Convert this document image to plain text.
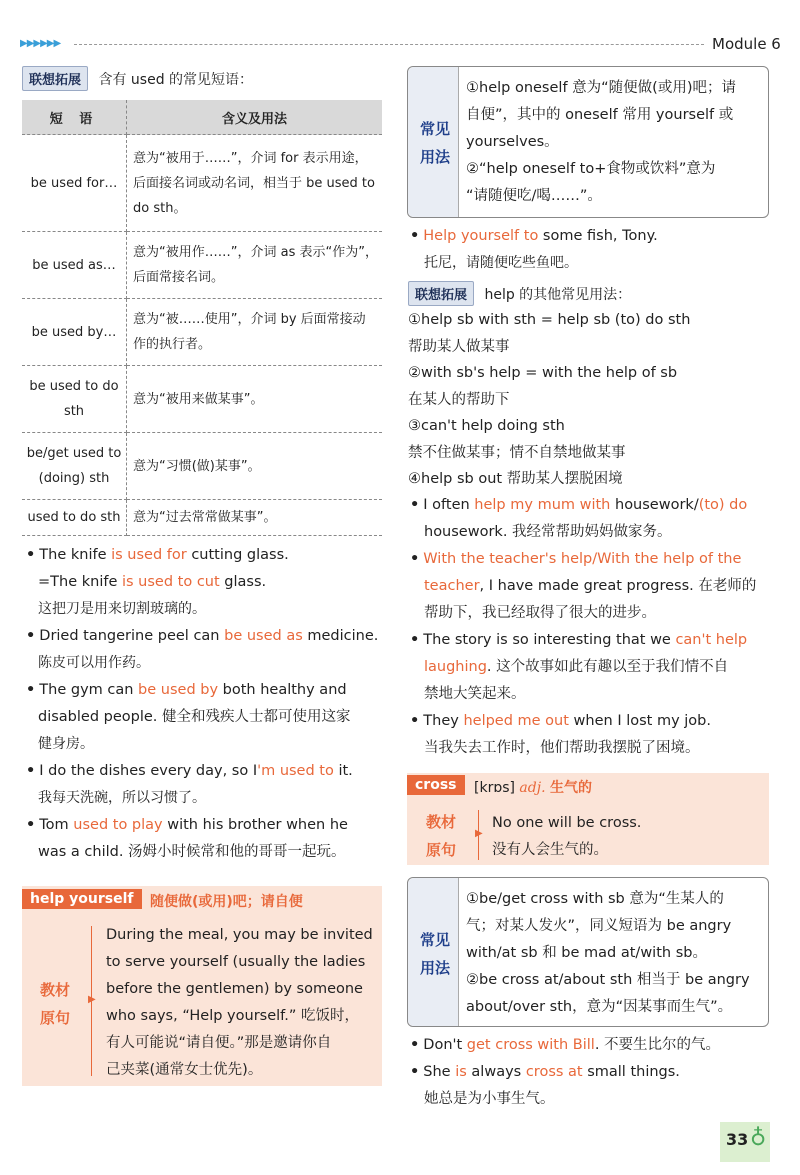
▶▶▶▶▶▶	Module 6
联想拓展 含有 used 的常见短语：
短 语	含义及用法
be used for…	意为“被用于……”，介词 for 表示用途，后面接名词或动名词，相当于 be used to do sth。
be used as…	意为“被用作……”，介词 as 表示“作为”，后面常接名词。
be used by…	意为“被……使用”，介词 by 后面常接动作的执行者。
be used to do sth	意为“被用来做某事”。
be/get used to (doing) sth	意为“习惯(做)某事”。
used to do sth	意为“过去常常做某事”。
• The knife is used for cutting glass.
=The knife is used to cut glass.
这把刀是用来切割玻璃的。
• Dried tangerine peel can be used as medicine.
陈皮可以用作药。
• The gym can be used by both healthy and
disabled people. 健全和残疾人士都可使用这家
健身房。
• I do the dishes every day, so I'm used to it.
我每天洗碗，所以习惯了。
• Tom used to play with his brother when he
was a child. 汤姆小时候常和他的哥哥一起玩。
help yourself	随便做(或用)吧；请自便
教材
原句
▶
During the meal, you may be invited
to serve yourself (usually the ladies
before the gentlemen) by someone
who says, “Help yourself.” 吃饭时，
有人可能说“请自便。”那是邀请你自
己夹菜(通常女士优先)。
常见
用法
①help oneself 意为“随便做(或用)吧；请
自便”，其中的 oneself 常用 yourself 或
yourselves。
②“help oneself to+食物或饮料”意为
“请随便吃/喝……”。
• Help yourself to some fish, Tony.
托尼，请随便吃些鱼吧。
联想拓展 help 的其他常见用法：
①help sb with sth = help sb (to) do sth
帮助某人做某事
②with sb's help = with the help of sb
在某人的帮助下
③can't help doing sth
禁不住做某事；情不自禁地做某事
④help sb out 帮助某人摆脱困境
• I often help my mum with housework/(to) do
housework. 我经常帮助妈妈做家务。
• With the teacher's help/With the help of the
teacher, I have made great progress. 在老师的
帮助下，我已经取得了很大的进步。
• The story is so interesting that we can't help
laughing. 这个故事如此有趣以至于我们情不自
禁地大笑起来。
• They helped me out when I lost my job.
当我失去工作时，他们帮助我摆脱了困境。
cross	[krɒs] adj. 生气的
教材
原句
▶
No one will be cross.
没有人会生气的。
常见
用法
①be/get cross with sb 意为“生某人的
气；对某人发火”，同义短语为 be angry
with/at sb 和 be mad at/with sb。
②be cross at/about sth 相当于 be angry
about/over sth，意为“因某事而生气”。
• Don't get cross with Bill. 不要生比尔的气。
• She is always cross at small things.
她总是为小事生气。
33 ♁
